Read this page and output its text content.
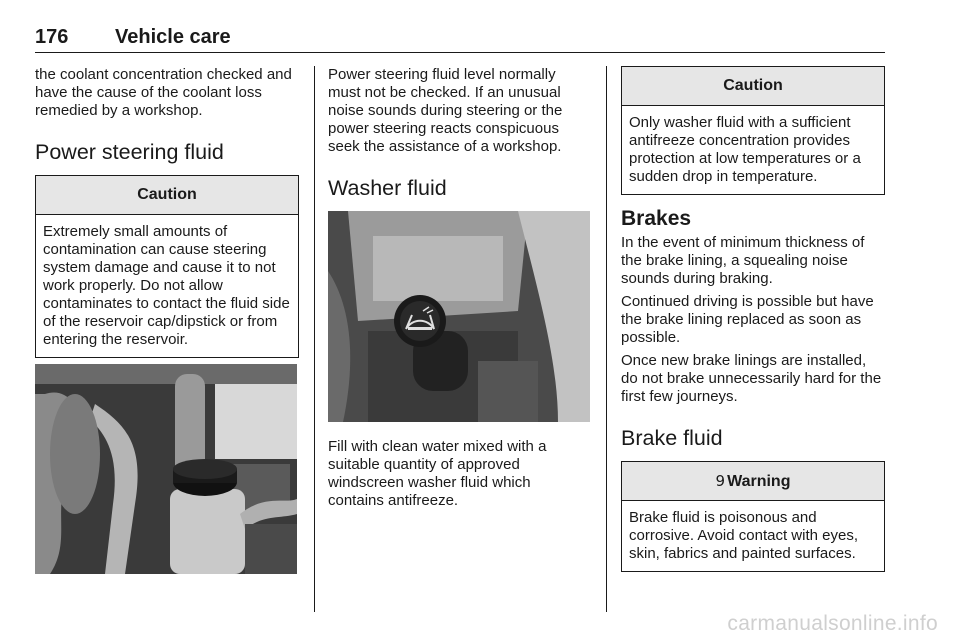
176 Vehicle care

the coolant concentration checked and have the cause of the coolant loss remedied by a workshop.

Power steering fluid
Caution
Extremely small amounts of contamination can cause steering system damage and cause it to not work properly. Do not allow contaminates to contact the fluid side of the reservoir cap/dipstick or from entering the reservoir.

Power steering fluid level normally must not be checked. If an unusual noise sounds during steering or the power steering reacts conspicuous seek the assistance of a workshop.

Washer fluid

Fill with clean water mixed with a suitable quantity of approved windscreen washer fluid which contains antifreeze.

Caution
Only washer fluid with a sufficient antifreeze concentration provides protection at low temperatures or a sudden drop in temperature.
Brakes

In the event of minimum thickness of the brake lining, a squealing noise sounds during braking.

Continued driving is possible but have the brake lining replaced as soon as possible.

Once new brake linings are installed, do not brake unnecessarily hard for the first few journeys.

Brake fluid
9 Warning
Brake fluid is poisonous and corrosive. Avoid contact with eyes, skin, fabrics and painted surfaces.
carmanualsonline.info
